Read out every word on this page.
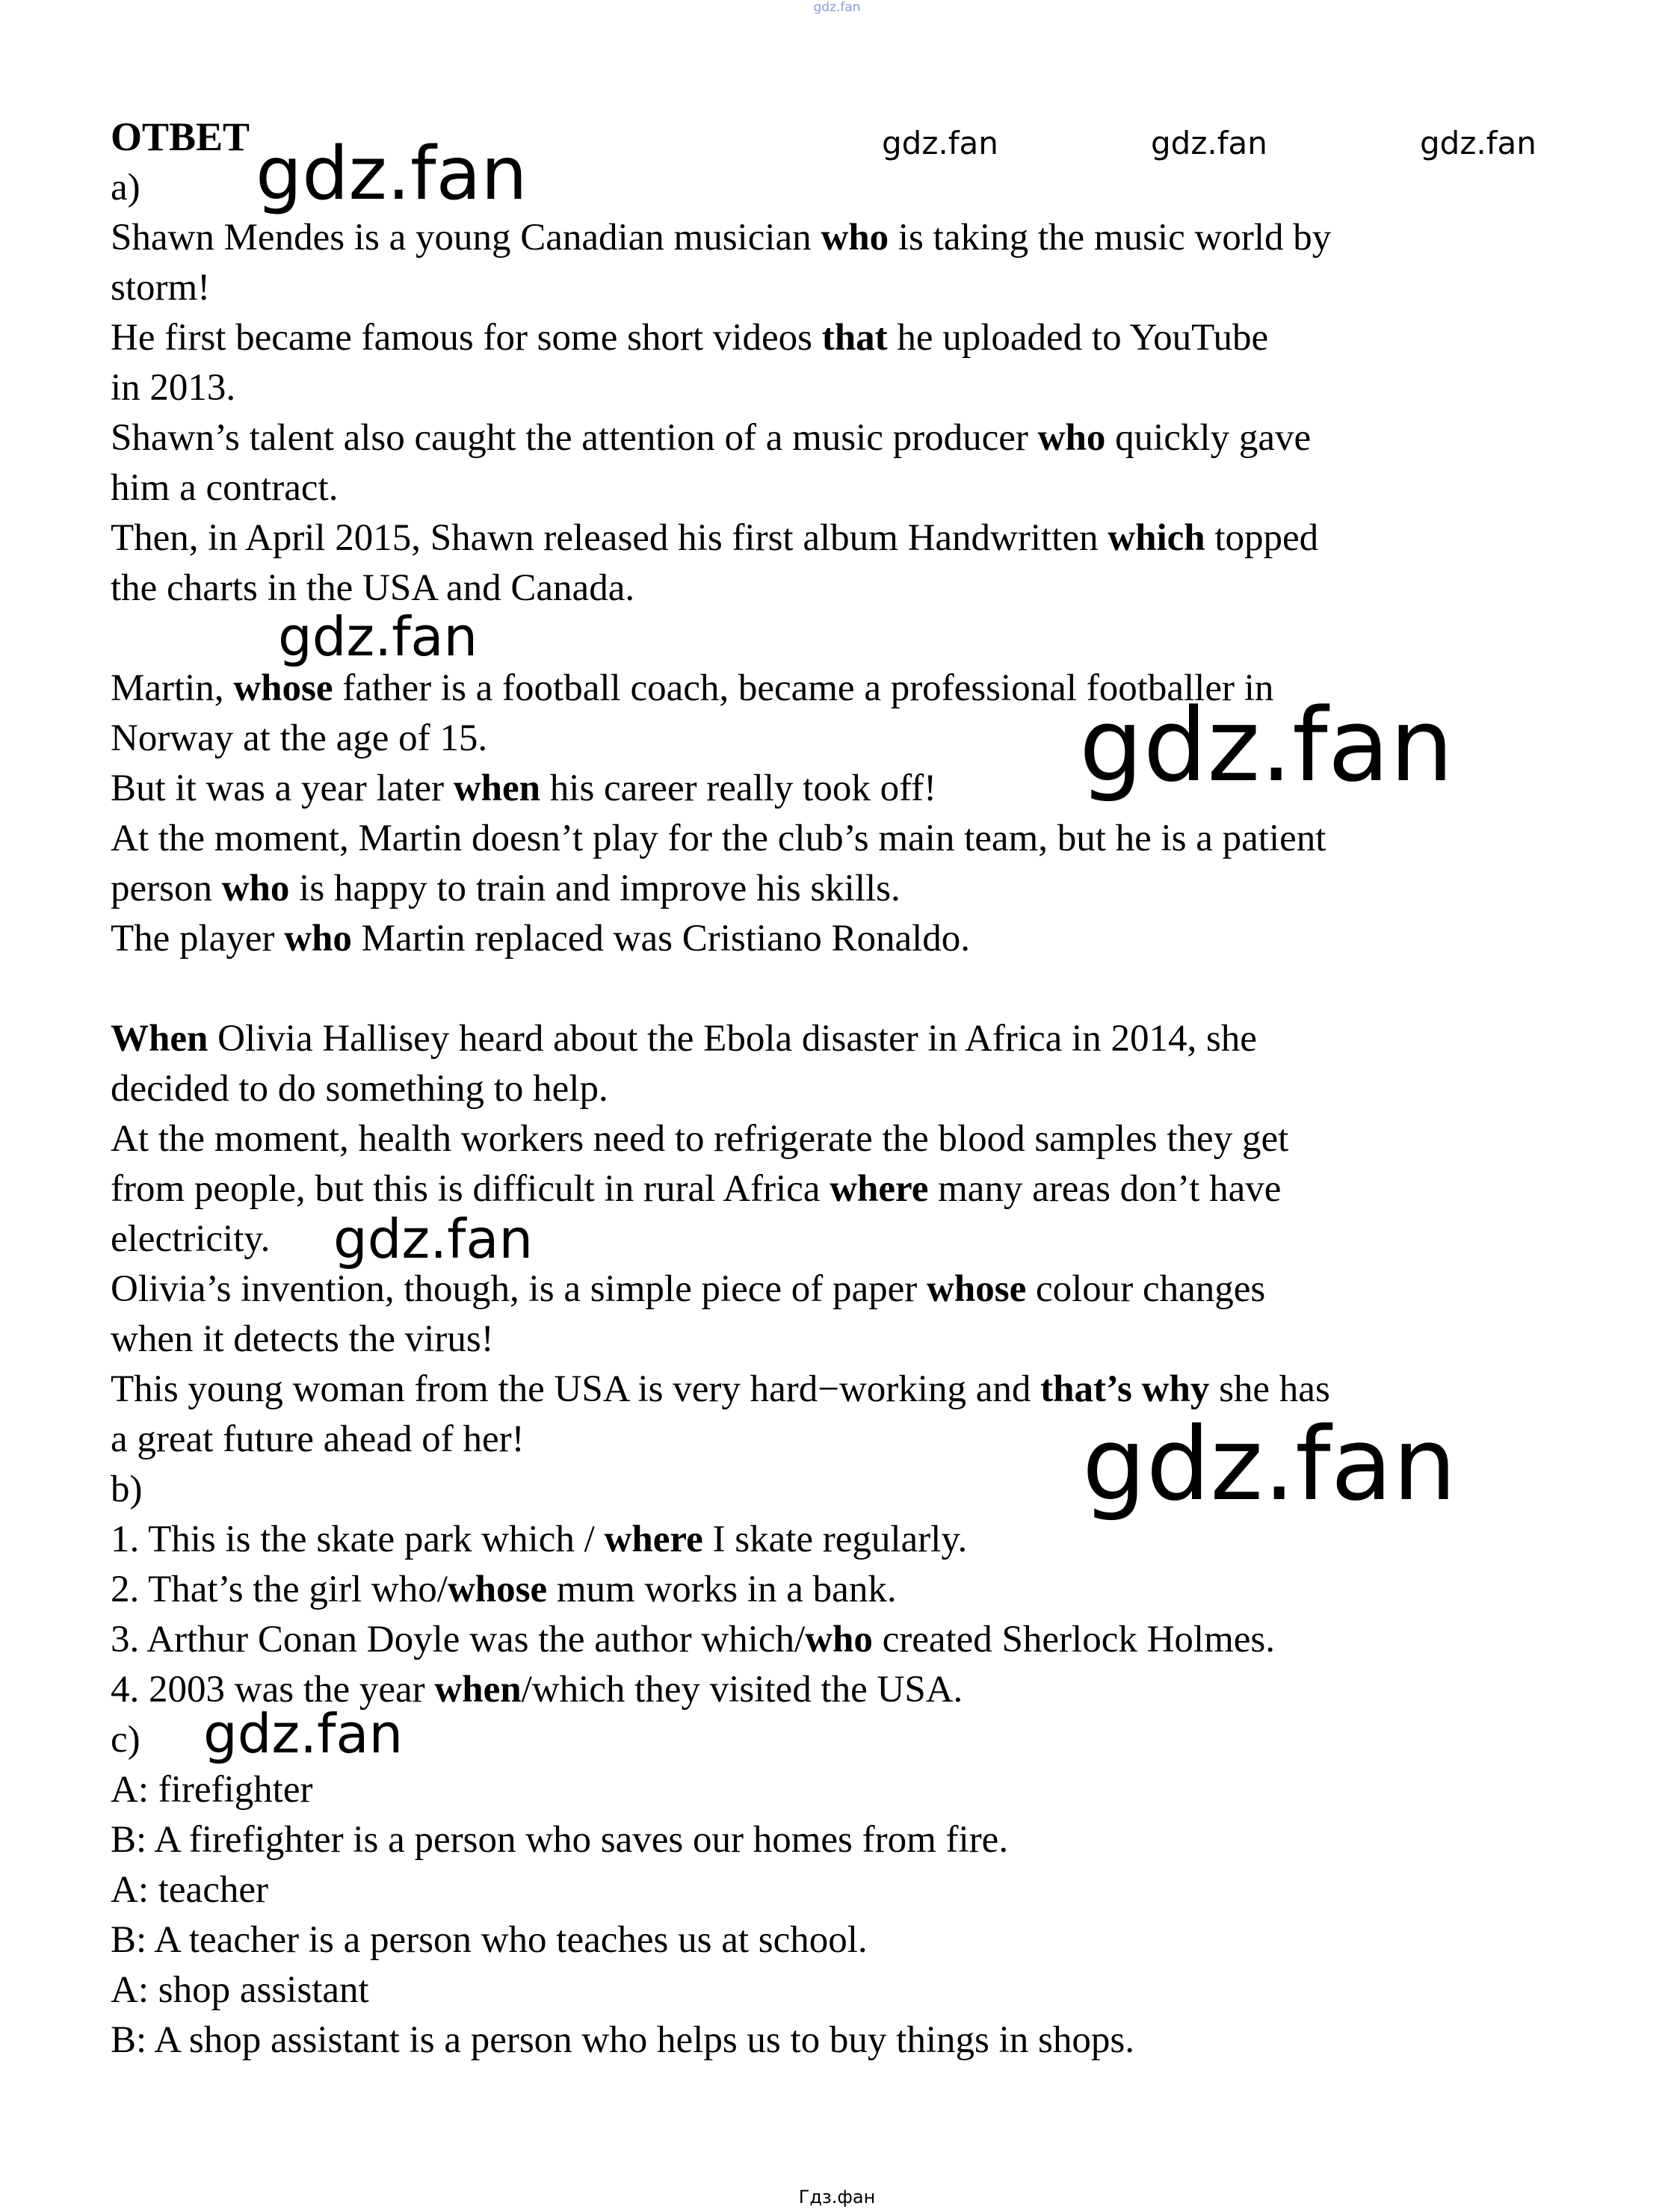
gdz.fan
ОТВЕТ	gdz.fan	gdz.fan	gdz.fan
a)
Shawn Mendes is a young Canadian musician who is taking the music world by
storm!
He first became famous for some short videos that he uploaded to YouTube
in 2013.
Shawn’s talent also caught the attention of a music producer who quickly gave
him a contract.
Then, in April 2015, Shawn released his first album Handwritten which topped
the charts in the USA and Canada.
Martin, whose father is a football coach, became a professional footballer in
Norway at the age of 15.
But it was a year later when his career really took off!
At the moment, Martin doesn’t play for the club’s main team, but he is a patient
person who is happy to train and improve his skills.
The player who Martin replaced was Cristiano Ronaldo.
When Olivia Hallisey heard about the Ebola disaster in Africa in 2014, she
decided to do something to help.
At the moment, health workers need to refrigerate the blood samples they get
from people, but this is difficult in rural Africa where many areas don’t have
electricity.
Olivia’s invention, though, is a simple piece of paper whose colour changes
when it detects the virus!
This young woman from the USA is very hard−working and that’s why she has
a great future ahead of her!
b)
1. This is the skate park which / where I skate regularly.
2. That’s the girl who/whose mum works in a bank.
3. Arthur Conan Doyle was the author which/who created Sherlock Holmes.
4. 2003 was the year when/which they visited the USA.
c)
A: firefighter
B: A firefighter is a person who saves our homes from fire.
A: teacher
B: A teacher is a person who teaches us at school.
A: shop assistant
B: A shop assistant is a person who helps us to buy things in shops.
gdz.fan
gdz.fan
gdz.fan
gdz.fan
gdz.fan
gdz.fan
Гдз.фан
